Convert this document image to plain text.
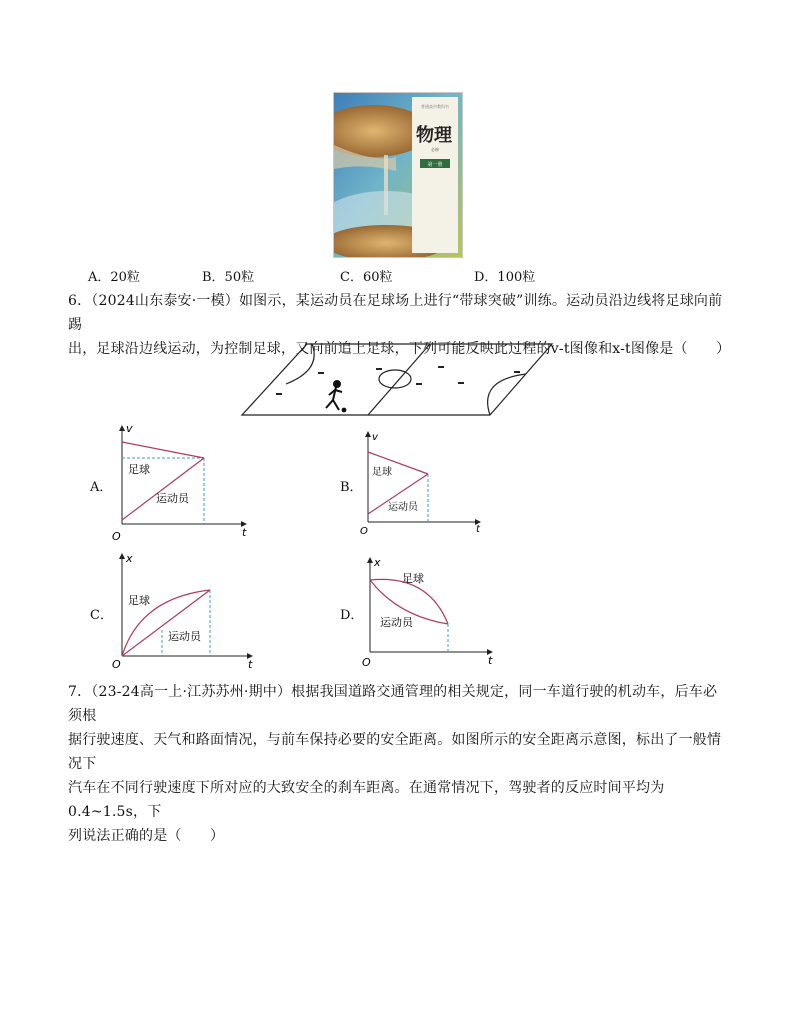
普通高中教科书
物理
必修
第一册
A．20粒	B．50粒	C．60粒	D．100粒
6．（2024山东泰安·一模）如图示，某运动员在足球场上进行“带球突破”训练。运动员沿边线将足球向前踢
出，足球沿边线运动，为控制足球，又向前追上足球，下列可能反映此过程的v-t图像和x-t图像是（　　）
A．
v
t
O
足球
运动员
B．
v
t
O
足球
运动员
C．
x
t
O
足球
运动员
D．
x
t
O
足球
运动员
7．（23-24高一上·江苏苏州·期中）根据我国道路交通管理的相关规定，同一车道行驶的机动车，后车必须根
据行驶速度、天气和路面情况，与前车保持必要的安全距离。如图所示的安全距离示意图，标出了一般情况下
汽车在不同行驶速度下所对应的大致安全的刹车距离。在通常情况下，驾驶者的反应时间平均为0.4~1.5s，下
列说法正确的是（　　）
